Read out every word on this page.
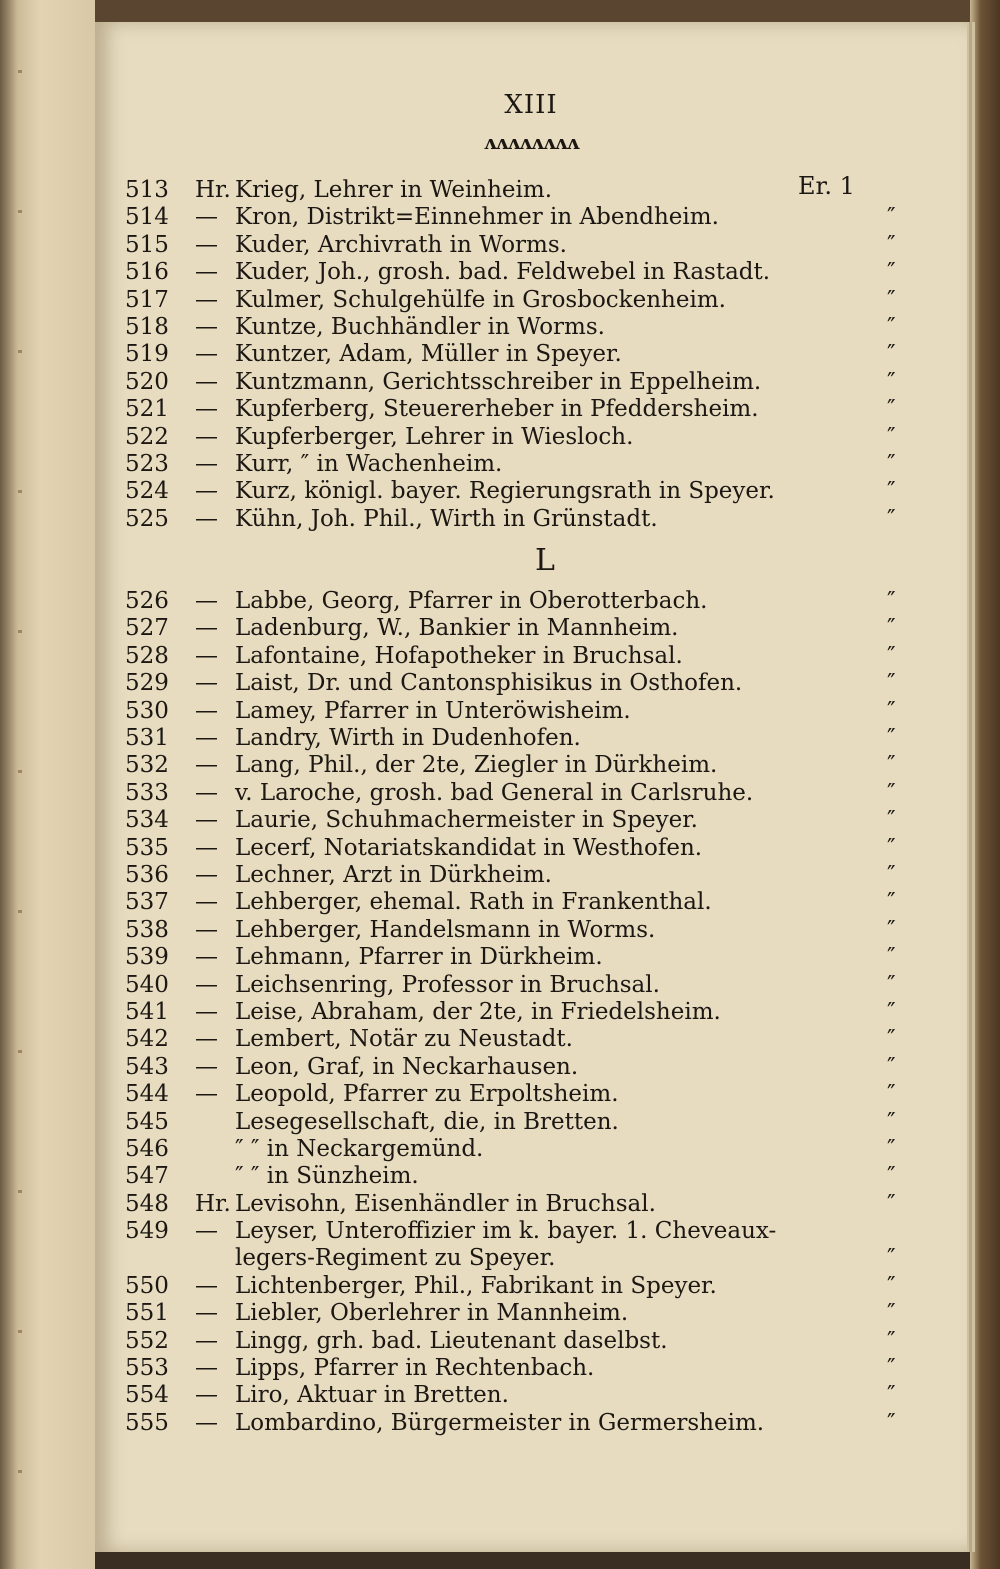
XIII
ᴧᴧᴧᴧᴧᴧᴧᴧ
Er. 1
513	Hr. Krieg, Lehrer in Weinheim.
514	— Kron, Distrikt=Einnehmer in Abendheim.	″
515	— Kuder, Archivrath in Worms.	″
516	— Kuder, Joh., grosh. bad. Feldwebel in Rastadt.	″
517	— Kulmer, Schulgehülfe in Grosbockenheim.	″
518	— Kuntze, Buchhändler in Worms.	″
519	— Kuntzer, Adam, Müller in Speyer.	″
520	— Kuntzmann, Gerichtsschreiber in Eppelheim.	″
521	— Kupferberg, Steuererheber in Pfeddersheim.	″
522	— Kupferberger, Lehrer in Wiesloch.	″
523	— Kurr, ″ in Wachenheim.	″
524	— Kurz, königl. bayer. Regierungsrath in Speyer.	″
525	— Kühn, Joh. Phil., Wirth in Grünstadt.	″
L
526	— Labbe, Georg, Pfarrer in Oberotterbach.	″
527	— Ladenburg, W., Bankier in Mannheim.	″
528	— Lafontaine, Hofapotheker in Bruchsal.	″
529	— Laist, Dr. und Cantonsphisikus in Osthofen.	″
530	— Lamey, Pfarrer in Unteröwisheim.	″
531	— Landry, Wirth in Dudenhofen.	″
532	— Lang, Phil., der 2te, Ziegler in Dürkheim.	″
533	— v. Laroche, grosh. bad General in Carlsruhe.	″
534	— Laurie, Schuhmachermeister in Speyer.	″
535	— Lecerf, Notariatskandidat in Westhofen.	″
536	— Lechner, Arzt in Dürkheim.	″
537	— Lehberger, ehemal. Rath in Frankenthal.	″
538	— Lehberger, Handelsmann in Worms.	″
539	— Lehmann, Pfarrer in Dürkheim.	″
540	— Leichsenring, Professor in Bruchsal.	″
541	— Leise, Abraham, der 2te, in Friedelsheim.	″
542	— Lembert, Notär zu Neustadt.	″
543	— Leon, Graf, in Neckarhausen.	″
544	— Leopold, Pfarrer zu Erpoltsheim.	″
545	Lesegesellschaft, die, in Bretten.	″
546	″ ″ in Neckargemünd.	″
547	″ ″ in Sünzheim.	″
548	Hr. Levisohn, Eisenhändler in Bruchsal.	″
549	— Leyser, Unteroffizier im k. bayer. 1. Cheveaux-
legers-Regiment zu Speyer.	″
550	— Lichtenberger, Phil., Fabrikant in Speyer.	″
551	— Liebler, Oberlehrer in Mannheim.	″
552	— Lingg, grh. bad. Lieutenant daselbst.	″
553	— Lipps, Pfarrer in Rechtenbach.	″
554	— Liro, Aktuar in Bretten.	″
555	— Lombardino, Bürgermeister in Germersheim.	″
